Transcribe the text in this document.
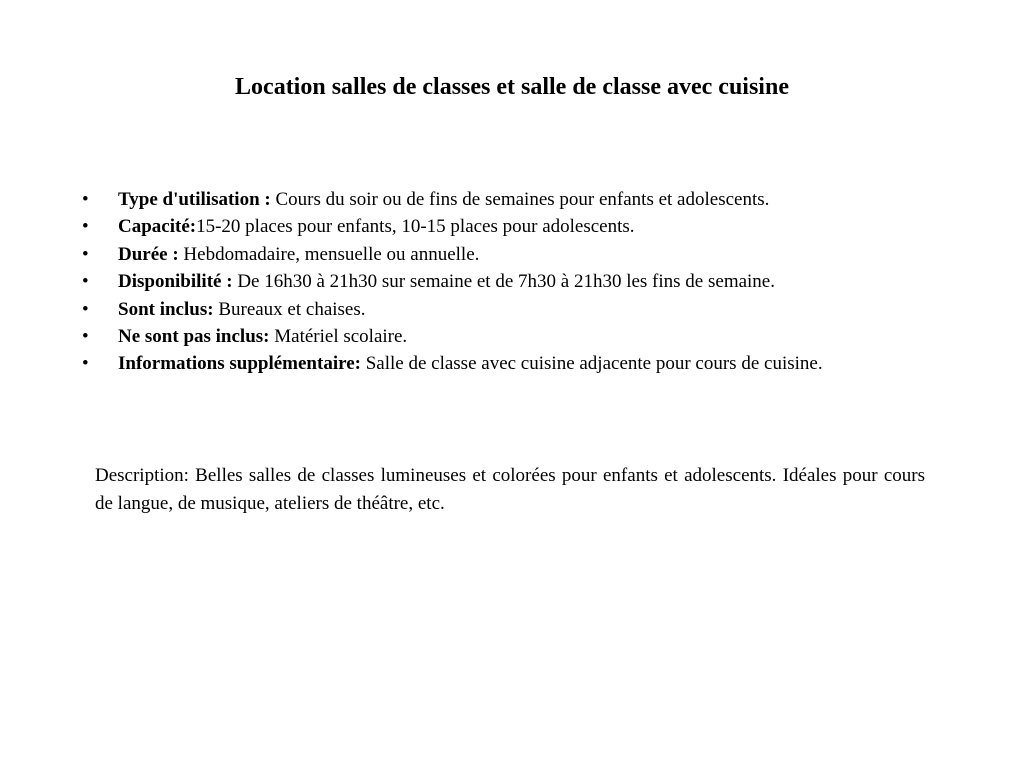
Location salles de classes et salle de classe avec cuisine
• Type d'utilisation : Cours du soir ou de fins de semaines pour enfants et adolescents.
• Capacité:15-20 places pour enfants, 10-15 places pour adolescents.
• Durée : Hebdomadaire, mensuelle ou annuelle.
• Disponibilité : De 16h30 à 21h30 sur semaine et de 7h30 à 21h30 les fins de semaine.
• Sont inclus: Bureaux et chaises.
• Ne sont pas inclus: Matériel scolaire.
• Informations supplémentaire: Salle de classe avec cuisine adjacente pour cours de cuisine.

Description: Belles salles de classes lumineuses et colorées pour enfants et adolescents. Idéales pour cours de langue, de musique, ateliers de théâtre, etc.
